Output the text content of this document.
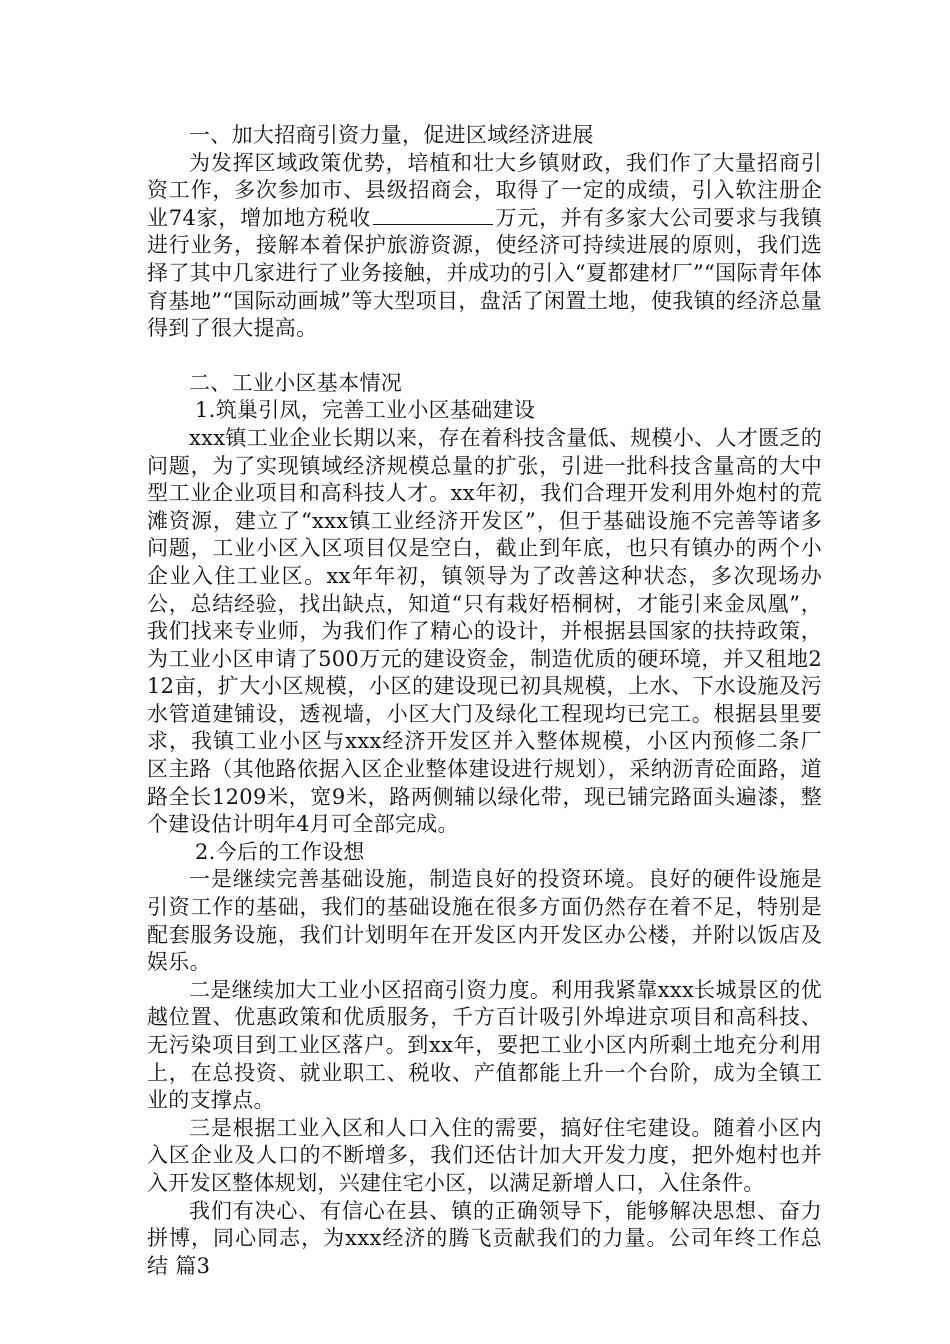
一、加大招商引资力量，促进区域经济进展

为发挥区域政策优势，培植和壮大乡镇财政，我们作了大量招商引资工作，多次参加市、县级招商会，取得了一定的成绩，引入软注册企业74家，增加地方税收	万元，并有多家大公司要求与我镇进行业务，接解本着保护旅游资源，使经济可持续进展的原则，我们选择了其中几家进行了业务接触，并成功的引入“夏都建材厂”“国际青年体育基地”“国际动画城”等大型项目，盘活了闲置土地，使我镇的经济总量得到了很大提高。

二、工业小区基本情况

1.筑巢引凤，完善工业小区基础建设

xxx镇工业企业长期以来，存在着科技含量低、规模小、人才匮乏的问题，为了实现镇域经济规模总量的扩张，引进一批科技含量高的大中型工业企业项目和高科技人才。xx年初，我们合理开发利用外炮村的荒滩资源，建立了“xxx镇工业经济开发区”，但于基础设施不完善等诸多问题，工业小区入区项目仅是空白，截止到年底，也只有镇办的两个小企业入住工业区。xx年年初，镇领导为了改善这种状态，多次现场办公，总结经验，找出缺点，知道“只有栽好梧桐树，才能引来金凤凰”，我们找来专业师，为我们作了精心的设计，并根据县国家的扶持政策，为工业小区申请了500万元的建设资金，制造优质的硬环境，并又租地212亩，扩大小区规模，小区的建设现已初具规模，上水、下水设施及污水管道建铺设，透视墙，小区大门及绿化工程现均已完工。根据县里要求，我镇工业小区与xxx经济开发区并入整体规模，小区内预修二条厂区主路（其他路依据入区企业整体建设进行规划），采纳沥青砼面路，道路全长1209米，宽9米，路两侧辅以绿化带，现已铺完路面头遍漆，整个建设估计明年4月可全部完成。

2.今后的工作设想

一是继续完善基础设施，制造良好的投资环境。良好的硬件设施是引资工作的基础，我们的基础设施在很多方面仍然存在着不足，特别是配套服务设施，我们计划明年在开发区内开发区办公楼，并附以饭店及娱乐。

二是继续加大工业小区招商引资力度。利用我紧靠xxx长城景区的优越位置、优惠政策和优质服务，千方百计吸引外埠进京项目和高科技、无污染项目到工业区落户。到xx年，要把工业小区内所剩土地充分利用上，在总投资、就业职工、税收、产值都能上升一个台阶，成为全镇工业的支撑点。

三是根据工业入区和人口入住的需要，搞好住宅建设。随着小区内入区企业及人口的不断增多，我们还估计加大开发力度，把外炮村也并入开发区整体规划，兴建住宅小区，以满足新增人口，入住条件。

我们有决心、有信心在县、镇的正确领导下，能够解决思想、奋力拼博，同心同志，为xxx经济的腾飞贡献我们的力量。公司年终工作总结 篇3
